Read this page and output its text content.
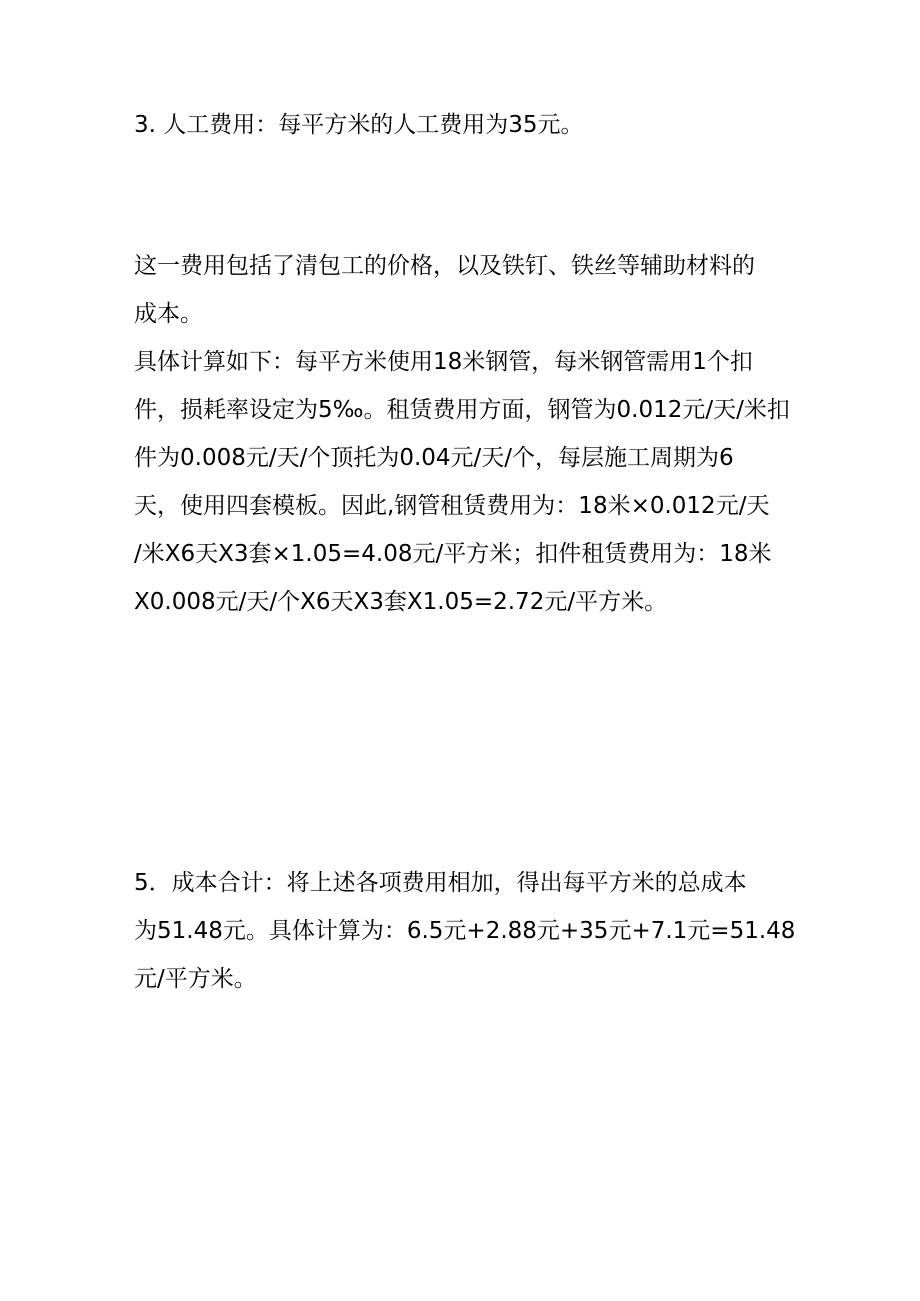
3. 人工费用：每平方米的人工费用为35元。

这一费用包括了清包工的价格，以及铁钉、铁丝等辅助材料的
成本。

具体计算如下：每平方米使用18米钢管，每米钢管需用1个扣
件，损耗率设定为5‰。租赁费用方面，钢管为0.012元/天/米扣
件为0.008元/天/个顶托为0.04元/天/个，每层施工周期为6
天，使用四套模板。因此,钢管租赁费用为：18米×0.012元/天
/米X6天X3套×1.05=4.08元/平方米；扣件租赁费用为：18米
X0.008元/天/个X6天X3套X1.05=2.72元/平方米。

5．成本合计：将上述各项费用相加，得出每平方米的总成本
为51.48元。具体计算为：6.5元+2.88元+35元+7.1元=51.48
元/平方米。
